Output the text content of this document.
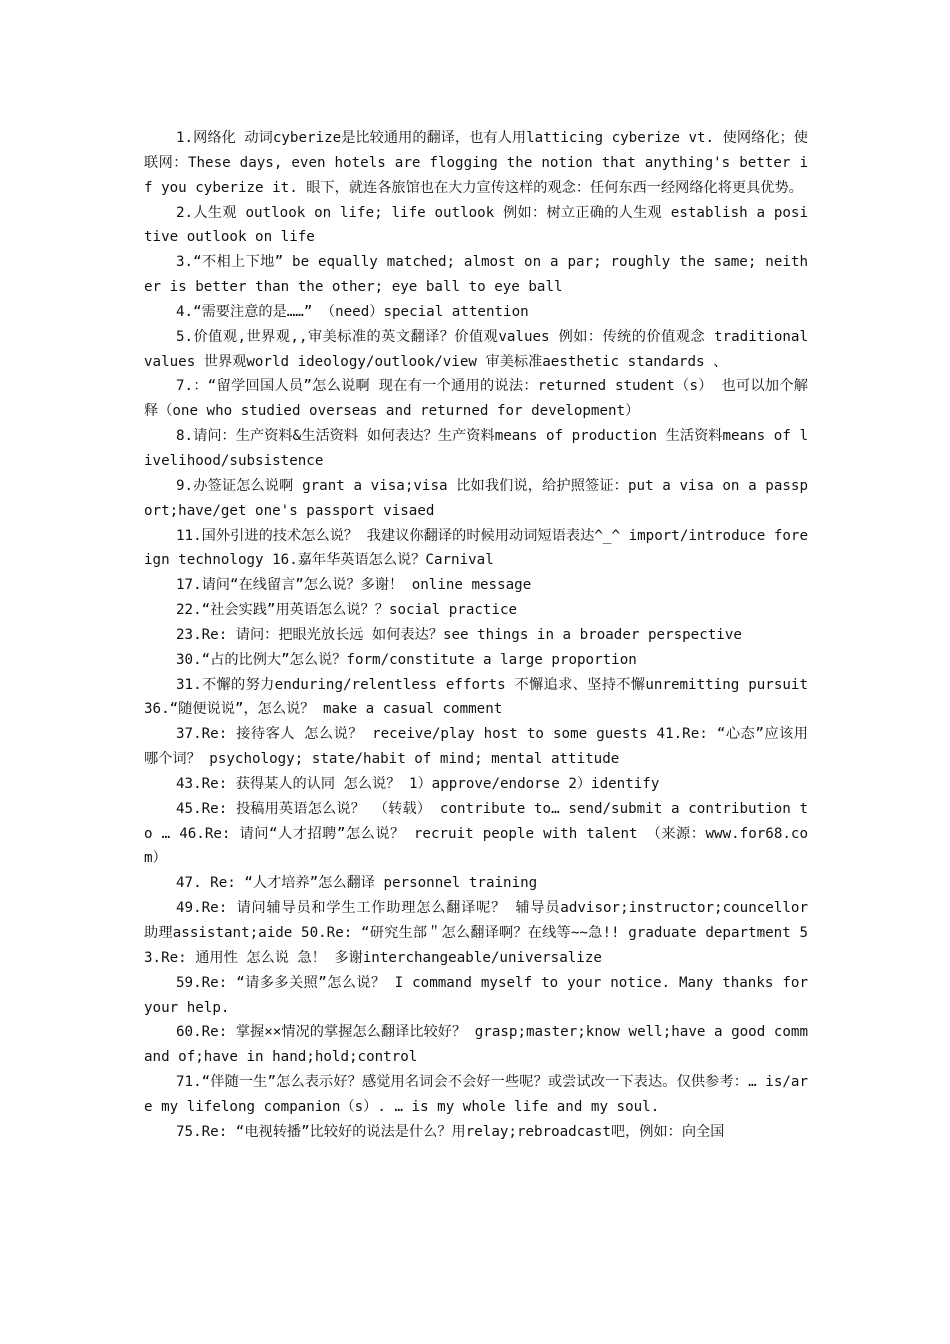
1.网络化 动词cyberize是比较通用的翻译，也有人用latticing cyberize vt. 使网络化；使联网：These days, even hotels are flogging the notion that anything's better if you cyberize it. 眼下，就连各旅馆也在大力宣传这样的观念：任何东西一经网络化将更具优势。

2.人生观 outlook on life; life outlook 例如：树立正确的人生观 establish a positive outlook on life

3.“不相上下地” be equally matched; almost on a par; roughly the same; neither is better than the other; eye ball to eye ball

4.“需要注意的是……” （need）special attention

5.价值观,世界观,,审美标准的英文翻译？价值观values 例如：传统的价值观念 traditional values 世界观world ideology/outlook/view 审美标准aesthetic standards 、

7.：“留学回国人员”怎么说啊 现在有一个通用的说法：returned student（s） 也可以加个解释（one who studied overseas and returned for development）

8.请问：生产资料&生活资料 如何表达？生产资料means of production 生活资料means of livelihood/subsistence

9.办签证怎么说啊 grant a visa;visa 比如我们说，给护照签证：put a visa on a passport;have/get one's passport visaed

11.国外引进的技术怎么说？ 我建议你翻译的时候用动词短语表达^_^ import/introduce foreign technology 16.嘉年华英语怎么说？Carnival

17.请问“在线留言”怎么说？多谢！ online message

22.“社会实践”用英语怎么说？？social practice

23.Re: 请问：把眼光放长远 如何表达？see things in a broader perspective

30.“占的比例大”怎么说？form/constitute a large proportion

31.不懈的努力enduring/relentless efforts 不懈追求、坚持不懈unremitting pursuit 36.“随便说说”，怎么说？ make a casual comment

37.Re: 接待客人 怎么说？ receive/play host to some guests 41.Re: “心态”应该用哪个词？ psychology; state/habit of mind; mental attitude

43.Re: 获得某人的认同 怎么说？ 1）approve/endorse 2）identify

45.Re: 投稿用英语怎么说？ （转载） contribute to… send/submit a contribution to … 46.Re: 请问“人才招聘”怎么说？ recruit people with talent （来源：www.for68.com）

47. Re: “人才培养”怎么翻译 personnel training

49.Re: 请问辅导员和学生工作助理怎么翻译呢？ 辅导员advisor;instructor;councellor 助理assistant;aide 50.Re: “研究生部＂怎么翻译啊？在线等~~急!! graduate department 53.Re: 通用性 怎么说 急！ 多谢interchangeable/universalize

59.Re: “请多多关照”怎么说？ I command myself to your notice. Many thanks for your help.

60.Re: 掌握××情况的掌握怎么翻译比较好？ grasp;master;know well;have a good command of;have in hand;hold;control

71.“伴随一生”怎么表示好？感觉用名词会不会好一些呢？或尝试改一下表达。仅供参考：… is/are my lifelong companion（s）. … is my whole life and my soul.

75.Re: “电视转播”比较好的说法是什么？用relay;rebroadcast吧，例如：向全国
